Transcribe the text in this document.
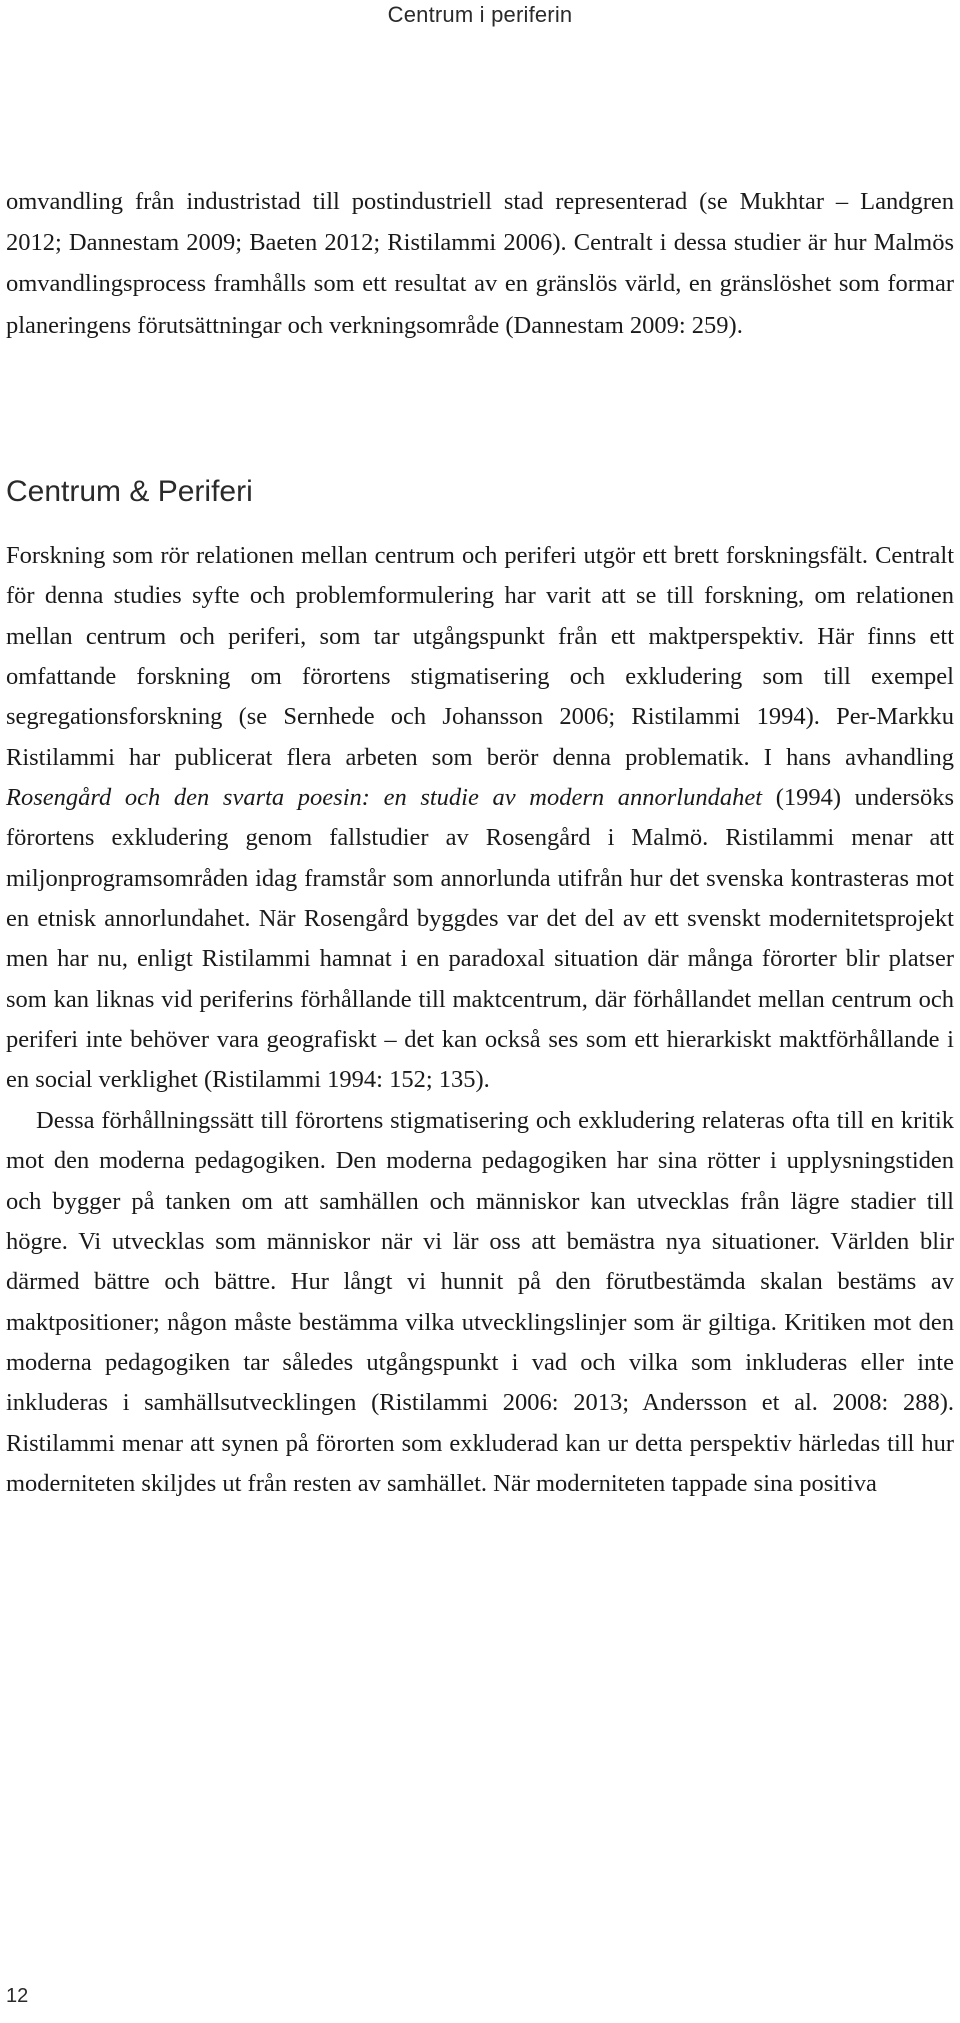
Centrum i periferin

omvandling från industristad till postindustriell stad representerad (se Mukhtar – Landgren 2012; Dannestam 2009; Baeten 2012; Ristilammi 2006). Centralt i dessa studier är hur Malmös omvandlingsprocess framhålls som ett resultat av en gränslös värld, en gränslöshet som formar planeringens förutsättningar och verkningsområde (Dannestam 2009: 259).

Centrum & Periferi

Forskning som rör relationen mellan centrum och periferi utgör ett brett forskningsfält. Centralt för denna studies syfte och problemformulering har varit att se till forskning, om relationen mellan centrum och periferi, som tar utgångspunkt från ett maktperspektiv. Här finns ett omfattande forskning om förortens stigmatisering och exkludering som till exempel segregationsforskning (se Sernhede och Johansson 2006; Ristilammi 1994). Per-Markku Ristilammi har publicerat flera arbeten som berör denna problematik. I hans avhandling Rosengård och den svarta poesin: en studie av modern annorlundahet (1994) undersöks förortens exkludering genom fallstudier av Rosengård i Malmö. Ristilammi menar att miljonprogramsområden idag framstår som annorlunda utifrån hur det svenska kontrasteras mot en etnisk annorlundahet. När Rosengård byggdes var det del av ett svenskt modernitetsprojekt men har nu, enligt Ristilammi hamnat i en paradoxal situation där många förorter blir platser som kan liknas vid periferins förhållande till maktcentrum, där förhållandet mellan centrum och periferi inte behöver vara geografiskt – det kan också ses som ett hierarkiskt maktförhållande i en social verklighet (Ristilammi 1994: 152; 135).

Dessa förhållningssätt till förortens stigmatisering och exkludering relateras ofta till en kritik mot den moderna pedagogiken. Den moderna pedagogiken har sina rötter i upplysningstiden och bygger på tanken om att samhällen och människor kan utvecklas från lägre stadier till högre. Vi utvecklas som människor när vi lär oss att bemästra nya situationer. Världen blir därmed bättre och bättre. Hur långt vi hunnit på den förutbestämda skalan bestäms av maktpositioner; någon måste bestämma vilka utvecklingslinjer som är giltiga. Kritiken mot den moderna pedagogiken tar således utgångspunkt i vad och vilka som inkluderas eller inte inkluderas i samhällsutvecklingen (Ristilammi 2006: 2013; Andersson et al. 2008: 288). Ristilammi menar att synen på förorten som exkluderad kan ur detta perspektiv härledas till hur moderniteten skiljdes ut från resten av samhället. När moderniteten tappade sina positiva

12
